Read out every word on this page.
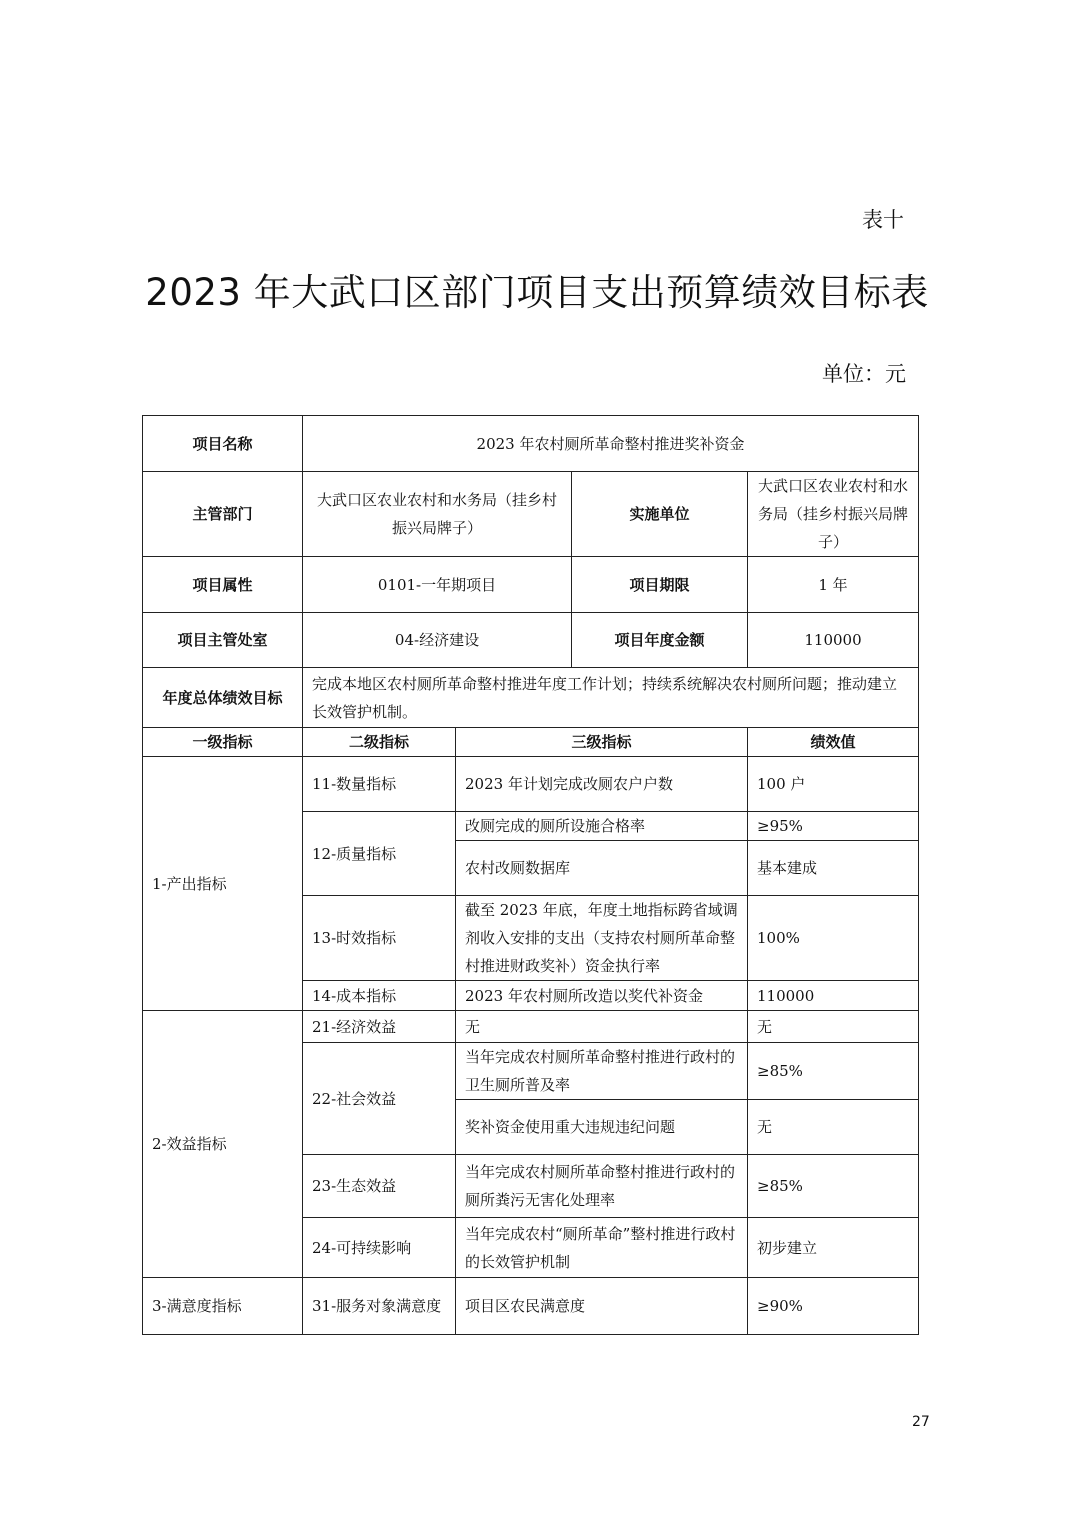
表十
2023 年大武口区部门项目支出预算绩效目标表
单位：元
项目名称	2023 年农村厕所革命整村推进奖补资金			
主管部门	大武口区农业农村和水务局（挂乡村振兴局牌子）		实施单位	大武口区农业农村和水务局（挂乡村振兴局牌子）
项目属性	0101-一年期项目		项目期限	1 年
项目主管处室	04-经济建设		项目年度金额	110000
年度总体绩效目标	完成本地区农村厕所革命整村推进年度工作计划；持续系统解决农村厕所问题；推动建立长效管护机制。			
一级指标	二级指标	三级指标		绩效值
1-产出指标	11-数量指标	2023 年计划完成改厕农户户数		100 户
	12-质量指标	改厕完成的厕所设施合格率		≥95%
		农村改厕数据库		基本建成
	13-时效指标	截至 2023 年底，年度土地指标跨省域调剂收入安排的支出（支持农村厕所革命整村推进财政奖补）资金执行率		100%
	14-成本指标	2023 年农村厕所改造以奖代补资金		110000
2-效益指标	21-经济效益	无		无
	22-社会效益	当年完成农村厕所革命整村推进行政村的卫生厕所普及率		≥85%
		奖补资金使用重大违规违纪问题		无
	23-生态效益	当年完成农村厕所革命整村推进行政村的厕所粪污无害化处理率		≥85%
	24-可持续影响	当年完成农村“厕所革命”整村推进行政村的长效管护机制		初步建立
3-满意度指标	31-服务对象满意度	项目区农民满意度		≥90%
27
